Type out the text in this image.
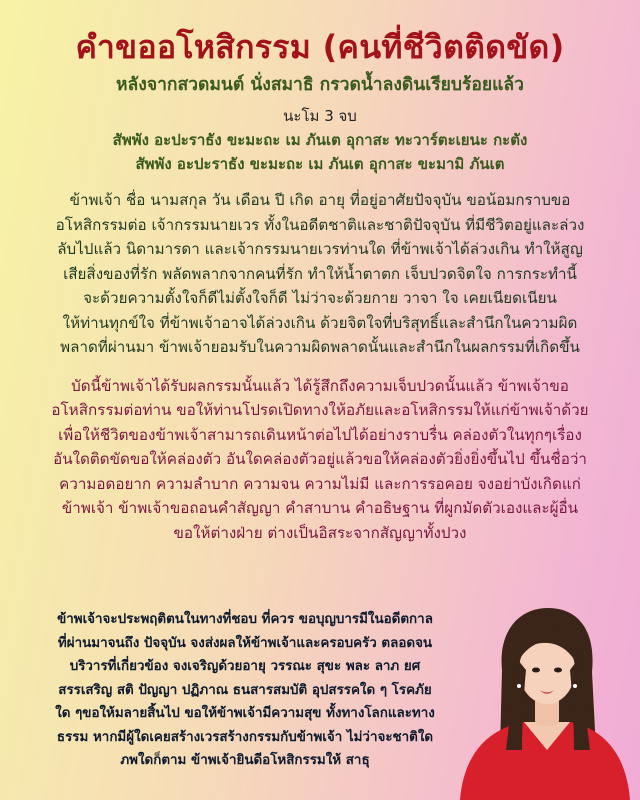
คำขออโหสิกรรม (คนที่ชีวิตติดขัด)
หลังจากสวดมนต์ นั่งสมาธิ กรวดน้ำลงดินเรียบร้อยแล้ว
นะโม 3 จบ
สัพพัง อะปะราธัง ขะมะถะ เม ภันเต อุกาสะ ทะวาร์ตะเยนะ กะตัง
สัพพัง อะปะราธัง ขะมะถะ เม ภันเต อุกาสะ ขะมามิ ภันเต
ข้าพเจ้า ชื่อ นามสกุล วัน เดือน ปี เกิด อายุ ที่อยู่อาศัยปัจจุบัน ขอน้อมกราบขอ
อโหสิกรรมต่อ เจ้ากรรมนายเวร ทั้งในอดีตชาติและชาติปัจจุบัน ที่มีชีวิตอยู่และล่วง
ลับไปแล้ว นิดามารดา และเจ้ากรรมนายเวรท่านใด ที่ข้าพเจ้าได้ล่วงเกิน ทำให้สูญ
เสียสิ่งของที่รัก พลัดพลากจากคนที่รัก ทำให้น้ำตาตก เจ็บปวดจิตใจ การกระทำนี้
จะด้วยความตั้งใจก็ดีไม่ตั้งใจก็ดี ไม่ว่าจะด้วยกาย วาจา ใจ เคยเนียดเนียน
ให้ท่านทุกข์ใจ ที่ข้าพเจ้าอาจได้ล่วงเกิน ด้วยจิตใจที่บริสุทธิ์และสำนึกในความผิด
พลาดที่ผ่านมา ข้าพเจ้ายอมรับในความผิดพลาดนั้นและสำนึกในผลกรรมที่เกิดขึ้น
บัดนี้ข้าพเจ้าได้รับผลกรรมนั้นแล้ว ได้รู้สึกถึงความเจ็บปวดนั้นแล้ว ข้าพเจ้าขอ
อโหสิกรรมต่อท่าน ขอให้ท่านโปรดเปิดทางให้อภัยและอโหสิกรรมให้แก่ข้าพเจ้าด้วย
เพื่อให้ชีวิตของข้าพเจ้าสามารถเดินหน้าต่อไปได้อย่างราบรื่น คล่องตัวในทุกๆเรื่อง
อันใดติดขัดขอให้คล่องตัว อันใดคล่องตัวอยู่แล้วขอให้คล่องตัวยิ่งยิ่งขึ้นไป ขึ้นชื่อว่า
ความอดอยาก ความลำบาก ความจน ความไม่มี และการรอคอย จงอย่าบังเกิดแก่
ข้าพเจ้า ข้าพเจ้าขอถอนคำสัญญา คำสาบาน คำอธิษฐาน ที่ผูกมัดตัวเองและผู้อื่น
ขอให้ต่างฝ่าย ต่างเป็นอิสระจากสัญญาทั้งปวง
ข้าพเจ้าจะประพฤติตนในทางที่ชอบ ที่ควร ขอบุญบารมีในอดีตกาล
ที่ผ่านมาจนถึง ปัจจุบัน จงส่งผลให้ข้าพเจ้าและครอบครัว ตลอดจน
บริวารที่เกี่ยวข้อง จงเจริญด้วยอายุ วรรณะ สุขะ พละ ลาภ ยศ
สรรเสริญ สติ ปัญญา ปฏิภาณ ธนสารสมบัติ อุปสรรคใด ๆ โรคภัย
ใด ๆขอให้มลายสิ้นไป ขอให้ข้าพเจ้ามีความสุข ทั้งทางโลกและทาง
ธรรม หากมีผู้ใดเคยสร้างเวรสร้างกรรมกับข้าพเจ้า ไม่ว่าจะชาติใด
ภพใดก็ตาม ข้าพเจ้ายินดีอโหสิกรรมให้ สาธุ
